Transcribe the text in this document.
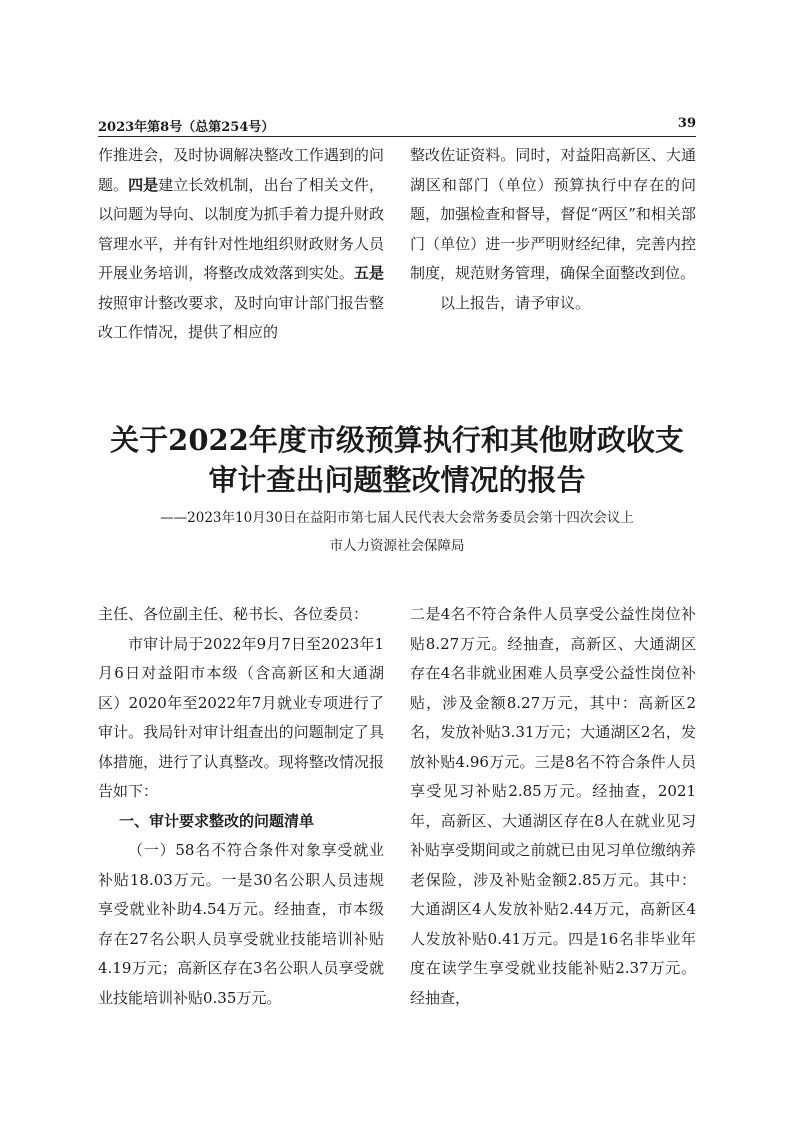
2023年第8号（总第254号）	39

作推进会，及时协调解决整改工作遇到的问题。四是建立长效机制，出台了相关文件，以问题为导向、以制度为抓手着力提升财政管理水平，并有针对性地组织财政财务人员开展业务培训，将整改成效落到实处。五是按照审计整改要求，及时向审计部门报告整改工作情况，提供了相应的

整改佐证资料。同时，对益阳高新区、大通湖区和部门（单位）预算执行中存在的问题，加强检查和督导，督促“两区”和相关部门（单位）进一步严明财经纪律，完善内控制度，规范财务管理，确保全面整改到位。

以上报告，请予审议。

关于2022年度市级预算执行和其他财政收支
审计查出问题整改情况的报告
——2023年10月30日在益阳市第七届人民代表大会常务委员会第十四次会议上
市人力资源社会保障局

主任、各位副主任、秘书长、各位委员：

市审计局于2022年9月7日至2023年1月6日对益阳市本级（含高新区和大通湖区）2020年至2022年7月就业专项进行了审计。我局针对审计组查出的问题制定了具体措施，进行了认真整改。现将整改情况报告如下：

一、审计要求整改的问题清单

（一）58名不符合条件对象享受就业补贴18.03万元。一是30名公职人员违规享受就业补助4.54万元。经抽查，市本级存在27名公职人员享受就业技能培训补贴4.19万元；高新区存在3名公职人员享受就业技能培训补贴0.35万元。

二是4名不符合条件人员享受公益性岗位补贴8.27万元。经抽查，高新区、大通湖区存在4名非就业困难人员享受公益性岗位补贴，涉及金额8.27万元，其中：高新区2名，发放补贴3.31万元；大通湖区2名，发放补贴4.96万元。三是8名不符合条件人员享受见习补贴2.85万元。经抽查，2021年，高新区、大通湖区存在8人在就业见习补贴享受期间或之前就已由见习单位缴纳养老保险，涉及补贴金额2.85万元。其中：大通湖区4人发放补贴2.44万元，高新区4人发放补贴0.41万元。四是16名非毕业年度在读学生享受就业技能补贴2.37万元。经抽查，
